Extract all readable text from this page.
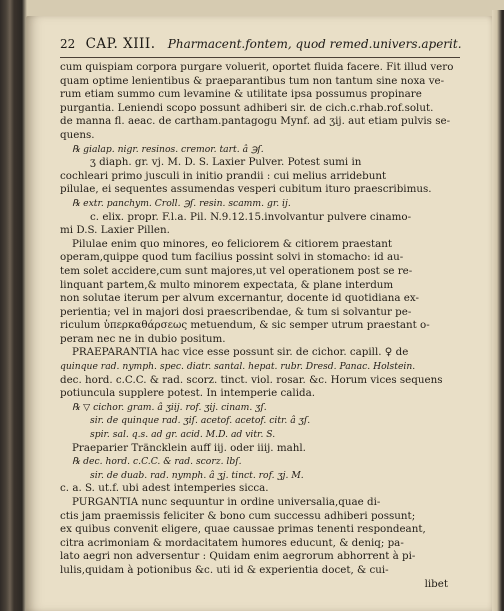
22 CAP. XIII. Pharmacent.fontem, quod remed.univers.aperit.
cum quispiam corpora purgare voluerit, oportet fluida facere. Fit illud vero
quam optime lenientibus & praeparantibus tum non tantum sine noxa ve-
rum etiam summo cum levamine & utilitate ipsa possumus propinare
purgantia. Leniendi scopo possunt adhiberi sir. de cich.c.rhab.rof.solut.
de manna fl. aeac. de cartham.pantagogu Mynf. ad ʒij. aut etiam pulvis se-
quens.
℞ gialap. nigr. resinos. cremor. tart. â ℈ſ.
ʒ diaph. gr. vj. M. D. S. Laxier Pulver. Potest sumi in
cochleari primo jusculi in initio prandii : cui melius arridebunt
pilulae, ei sequentes assumendas vesperi cubitum ituro praescribimus.
℞ extr. panchym. Croll. ℈ſ. resin. scamm. gr. ij.
c. elix. propr. F.l.a. Pil. N.9.12.15.involvantur pulvere cinamo-
mi D.S. Laxier Pillen.
Pilulae enim quo minores, eo feliciorem & citiorem praestant
operam,quippe quod tum facilius possint solvi in stomacho: id au-
tem solet accidere,cum sunt majores,ut vel operationem post se re-
linquant partem,& multo minorem expectata, & plane interdum
non solutae iterum per alvum excernantur, docente id quotidiana ex-
perientia; vel in majori dosi praescribendae, & tum si solvantur pe-
riculum ὑπερκαθάρσεως metuendum, & sic semper utrum praestant o-
peram nec ne in dubio positum.
PRAEPARANTIA hac vice esse possunt sir. de cichor. capill. ♀ de
quinque rad. nymph. spec. diatr. santal. hepat. rubr. Dresd. Panac. Holstein.
dec. hord. c.C.C. & rad. scorz. tinct. viol. rosar. &c. Horum vices sequens
potiuncula supplere potest. In intemperie calida.
℞ ▽ cichor. gram. â ʒiij. rof. ʒij. cinam. ʒſ.
sir. de quinque rad. ʒiſ. acetof. acetof. citr. â ʒſ.
spir. sal. q.s. ad gr. acid. M.D. ad vitr. S.
Praeparier Träncklein auff iij. oder iiij. mahl.
℞ dec. hord. c.C.C. & rad. scorz. lbſ.
sir. de duab. rad. nymph. â ʒj. tinct. rof. ʒj. M.
c. a. S. ut.f. ubi adest intemperies sicca.
PURGANTIA nunc sequuntur in ordine universalia,quae di-
ctis jam praemissis feliciter & bono cum successu adhiberi possunt;
ex quibus convenit eligere, quae caussae primas tenenti respondeant,
citra acrimoniam & mordacitatem humores educunt, & deniq; pa-
lato aegri non adversentur : Quidam enim aegrorum abhorrent à pi-
lulis,quidam à potionibus &c. uti id & experientia docet, & cui-
libet
